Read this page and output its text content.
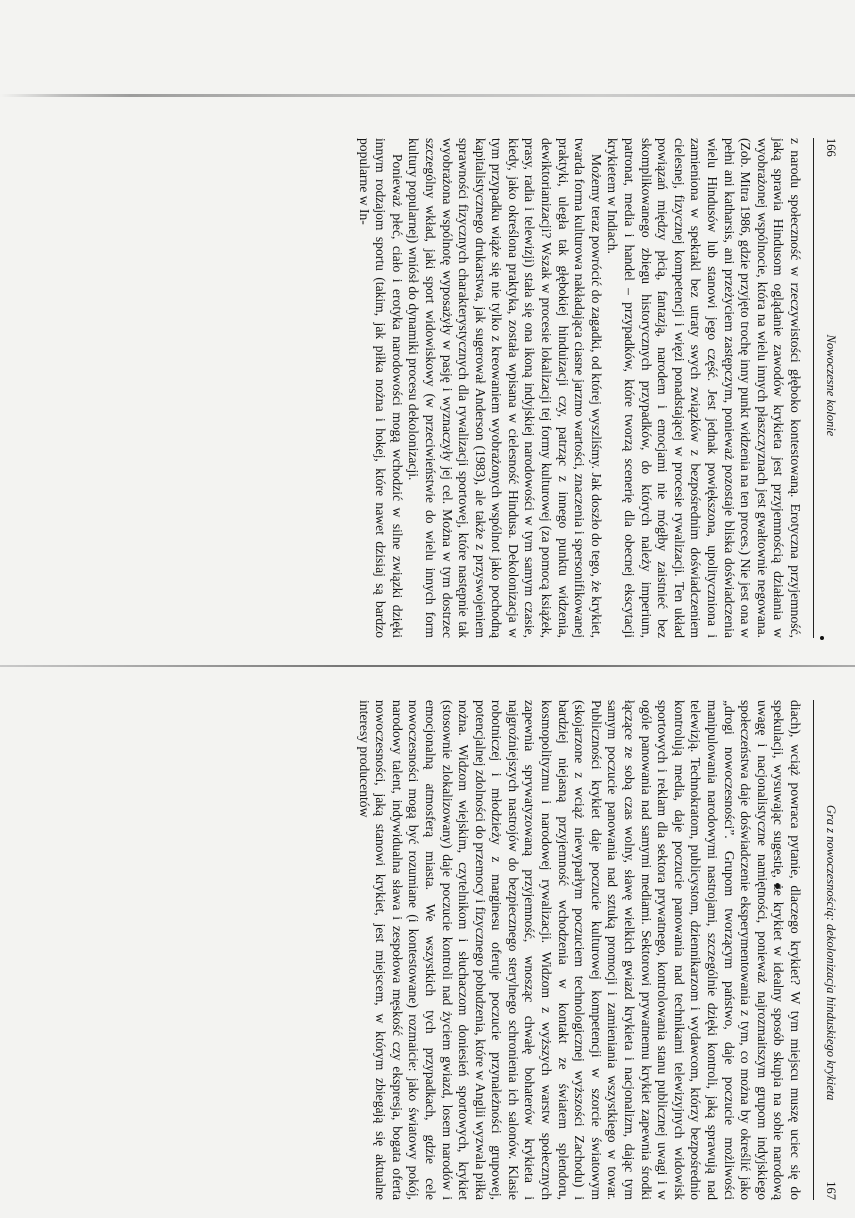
166
Nowoczesne kolonie

z narodu społeczność w rzeczywistości głęboko kontestowaną. Erotyczna przyjemność, jaką sprawia Hindusom oglądanie zawodów krykieta jest przyjemnością działania w wyobrażonej wspólnocie, która na wielu innych płaszczyznach jest gwałtownie negowana. (Zob. Mitra 1986, gdzie przyjęto trochę inny punkt widzenia na ten proces.) Nie jest ona w pełni ani katharsis, ani przeżyciem zastępczym, ponieważ pozostaje bliska doświadczenia wielu Hindusów lub stanowi jego część. Jest jednak powiększona, upolityczniona i zamieniona w spektakl bez utraty swych związków z bezpośrednim doświadczeniem cielesnej, fizycznej kompetencji i więzi ponadstającej w procesie rywalizacji. Ten układ powiązań między płcią, fantazją, narodem i emocjami nie mógłby zaistnieć bez skomplikowanego zbiegu historycznych przypadków, do których należy imperium, patronat, media i handel – przypadków, które tworzą scenerię dla obecnej ekscytacji krykietem w Indiach.

Możemy teraz powrócić do zagadki, od której wyszliśmy. Jak doszło do tego, że krykiet, twarda forma kulturowa nakładająca ciasne jarzmo wartości, znaczenia i spersonifikowanej praktyki, uległa tak głębokiej hinduizacji czy, patrząc z innego punktu widzenia, dewiktorianizacji? Wszak w procesie lokalizacji tej formy kulturowej (za pomocą książek, prasy, radia i telewizji) stała się ona ikoną indyjskiej narodowości w tym samym czasie, kiedy, jako określona praktyka, została wpisana w cielesność Hindusa. Dekolonizacja w tym przypadku wiąże się nie tylko z kreowaniem wyobrażonych wspólnot jako pochodną kapitalistycznego drukarstwa, jak sugerował Anderson (1983), ale także z przyswojeniem sprawności fizycznych charakterystycznych dla rywalizacji sportowej, które następnie tak wyobrażona wspólnotę wyposażyły w pasję i wyznaczyły jej cel. Można w tym dostrzec szczególny wkład, jaki sport widowiskowy (w przeciwieństwie do wielu innych form kultury popularnej) wniósł do dynamiki procesu dekolonizacji.

Ponieważ płeć, ciało i erotyka narodowości mogą wchodzić w silne związki dzięki innym rodzajom sportu (takim, jak piłka nożna i hokej, które nawet dzisiaj są bardzo popularne w In-

Gra z nowoczesnością: dekolonizacja hinduskiego krykieta
167

diach), wciąż powraca pytanie, dlaczego krykiet? W tym miejscu muszę uciec się do spekulacji, wysuwając sugestię, że krykiet w idealny sposób skupia na sobie narodową uwagę i nacjonalistyczne namiętności, ponieważ najrozmaitszym grupom indyjskiego społeczeństwa daje doświadczenie eksperymentowania z tym, co można by określić jako „drogi nowoczesności”. Grupom tworzącym państwo, daje poczucie możliwości manipulowania narodowymi nastrojami, szczególnie dzięki kontroli, jaką sprawują nad telewizją. Technokratom, publicystom, dziennikarzom i wydawcom, którzy bezpośrednio kontrolują media, daje poczucie panowania nad technikami telewizyjnych widowisk sportowych i reklam dla sektora prywatnego, kontrolowania stanu publicznej uwagi i w ogóle panowania nad samymi mediami. Sektorowi prywatnemu krykiet zapewnia środki łączące ze sobą czas wolny, sławę wielkich gwiazd krykieta i nacjonalizm, dając tym samym poczucie panowania nad sztuką promocji i zamieniania wszystkiego w towar. Publiczności krykiet daje poczucie kulturowej kompetencji w szorcie światowym (skojarzone z wciąż niewyparłym poczuciem technologicznej wyższości Zachodu) i bardziej niejasną przyjemność wchodzenia w kontakt ze światem splendoru, kosmopolityzmu i narodowej rywalizacji. Widzom z wyższych warstw społecznych zapewnia sprywatyzowaną przyjemność, wnosząc chwałę bohaterów krykieta i najgroźniejszych nastrojów do bezpiecznego sterylnego schronienia ich salonów. Klasie robotniczej i młodzieży z marginesu oferuje poczucie przynależności grupowej, potencjalnej zdolności do przemocy i fizycznego pobudzenia, które w Anglii wyzwala piłka nożna. Widzom wiejskim, czytelnikom i słuchaczom doniesień sportowych, krykiet (stosownie zlokalizowany) daje poczucie kontroli nad życiem gwiazd, losem narodów i emocjonalną atmosferą miasta. We wszystkich tych przypadkach, gdzie cele nowoczesności mogą być rozumiane (i kontestowane) rozmaicie: jako światowy pokój, narodowy talent, indywidualna sława i zespołowa męskość czy ekspresja, bogata oferta nowoczesności, jaką stanowi krykiet, jest miejscem, w którym zbiegają się aktualne interesy producentów
